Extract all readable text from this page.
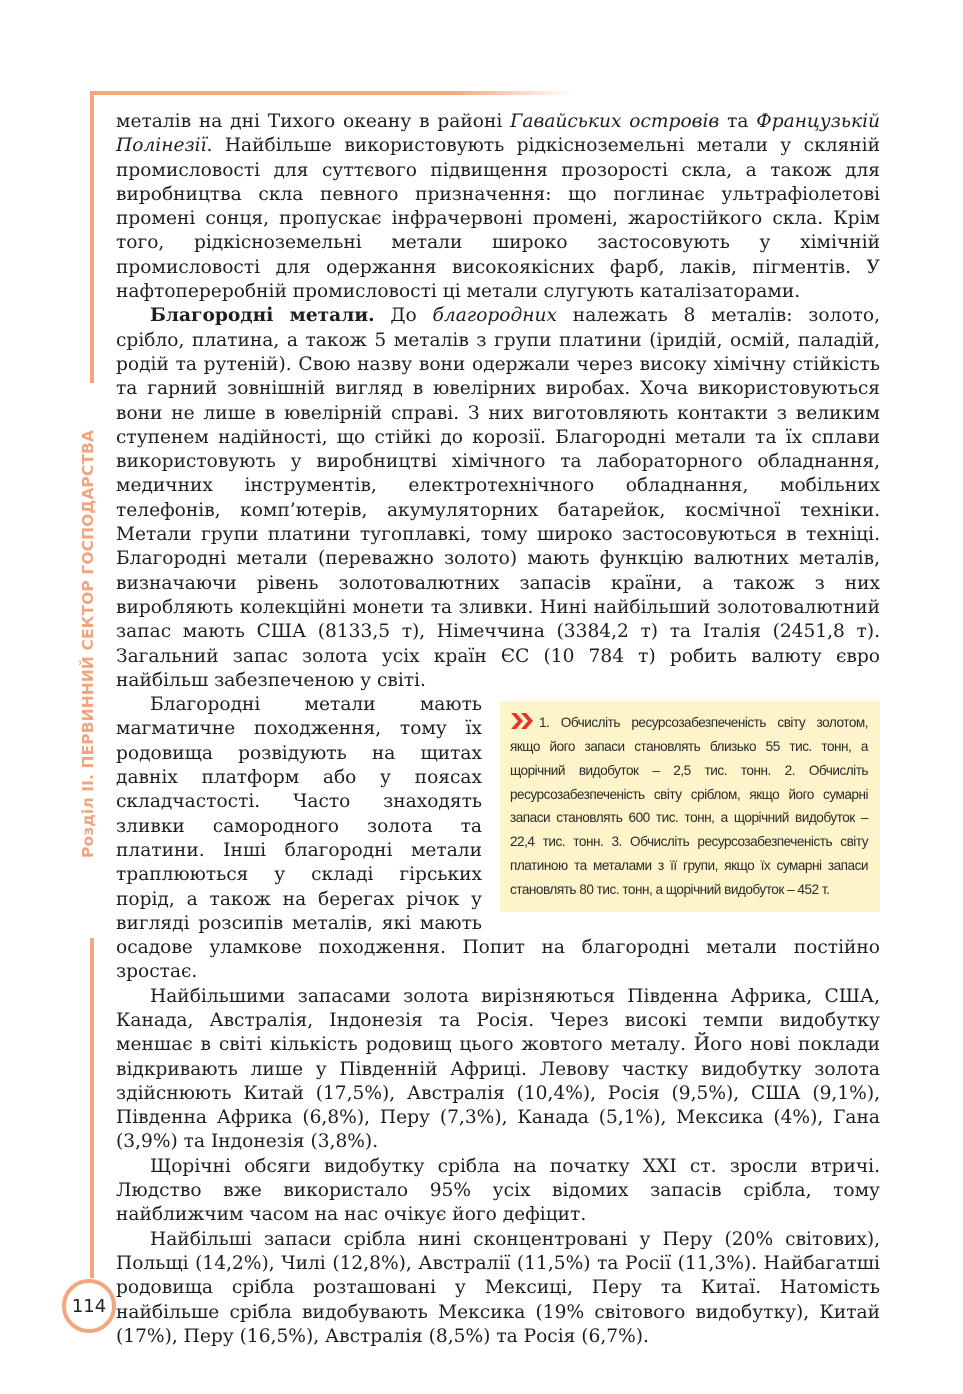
Розділ II. ПЕРВИННИЙ СЕКТОР ГОСПОДАРСТВА
114

металів на дні Тихого океану в районі Гавайських островів та Французькій Полінезії. Найбільше використовують рідкісноземельні метали у скляній промисловості для суттєвого підвищення прозорості скла, а також для виробництва скла певного призначення: що поглинає ультрафіолетові промені сонця, пропускає інфрачервоні промені, жаростійкого скла. Крім того, рідкісноземельні метали широко застосовують у хімічній промисловості для одержання високоякісних фарб, лаків, пігментів. У нафтопереробній промисловості ці метали слугують каталізаторами.

Благородні метали. До благородних належать 8 металів: золото, срібло, платина, а також 5 металів з групи платини (іридій, осмій, паладій, родій та рутеній). Свою назву вони одержали через високу хімічну стійкість та гарний зовнішній вигляд в ювелірних виробах. Хоча використовуються вони не лише в ювелірній справі. З них виготовляють контакти з великим ступенем надійності, що стійкі до корозії. Благородні метали та їх сплави використовують у виробництві хімічного та лабораторного обладнання, медичних інструментів, електротехнічного обладнання, мобільних телефонів, комп’ютерів, акумуляторних батарейок, космічної техніки. Метали групи платини тугоплавкі, тому широко застосовуються в техніці. Благородні метали (переважно золото) мають функцію валютних металів, визначаючи рівень золотовалютних запасів країни, а також з них виробляють колекційні монети та зливки. Нині найбільший золотовалютний запас мають США (8133,5 т), Німеччина (3384,2 т) та Італія (2451,8 т). Загальний запас золота усіх країн ЄС (10 784 т) робить валюту євро найбільш забезпеченою у світі.

1. Обчисліть ресурсозабезпеченість світу золотом, якщо його запаси становлять близько 55 тис. тонн, а щорічний видобуток – 2,5 тис. тонн. 2. Обчисліть ресурсозабезпеченість світу сріблом, якщо його сумарні запаси становлять 600 тис. тонн, а щорічний видобуток – 22,4 тис. тонн. 3. Обчисліть ресурсозабезпеченість світу платиною та металами з її групи, якщо їх сумарні запаси становлять 80 тис. тонн, а щорічний видобуток – 452 т.
Благородні метали мають магматичне походження, тому їх родовища розвідують на щитах давніх платформ або у поясах складчастості. Часто знаходять зливки самородного золота та платини. Інші благородні метали траплюються у складі гірських порід, а також на берегах річок у вигляді розсипів металів, які мають осадове уламкове походження. Попит на благородні метали постійно зростає.

Найбільшими запасами золота вирізняються Південна Африка, США, Канада, Австралія, Індонезія та Росія. Через високі темпи видобутку меншає в світі кількість родовищ цього жовтого металу. Його нові поклади відкривають лише у Південній Африці. Левову частку видобутку золота здійснюють Китай (17,5%), Австралія (10,4%), Росія (9,5%), США (9,1%), Південна Африка (6,8%), Перу (7,3%), Канада (5,1%), Мексика (4%), Гана (3,9%) та Індонезія (3,8%).

Щорічні обсяги видобутку срібла на початку XXI ст. зросли втричі. Людство вже використало 95% усіх відомих запасів срібла, тому найближчим часом на нас очікує його дефіцит.

Найбільші запаси срібла нині сконцентровані у Перу (20% світових), Польщі (14,2%), Чилі (12,8%), Австралії (11,5%) та Росії (11,3%). Найбагатші родовища срібла розташовані у Мексиці, Перу та Китаї. Натомість найбільше срібла видобувають Мексика (19% світового видобутку), Китай (17%), Перу (16,5%), Австралія (8,5%) та Росія (6,7%).
